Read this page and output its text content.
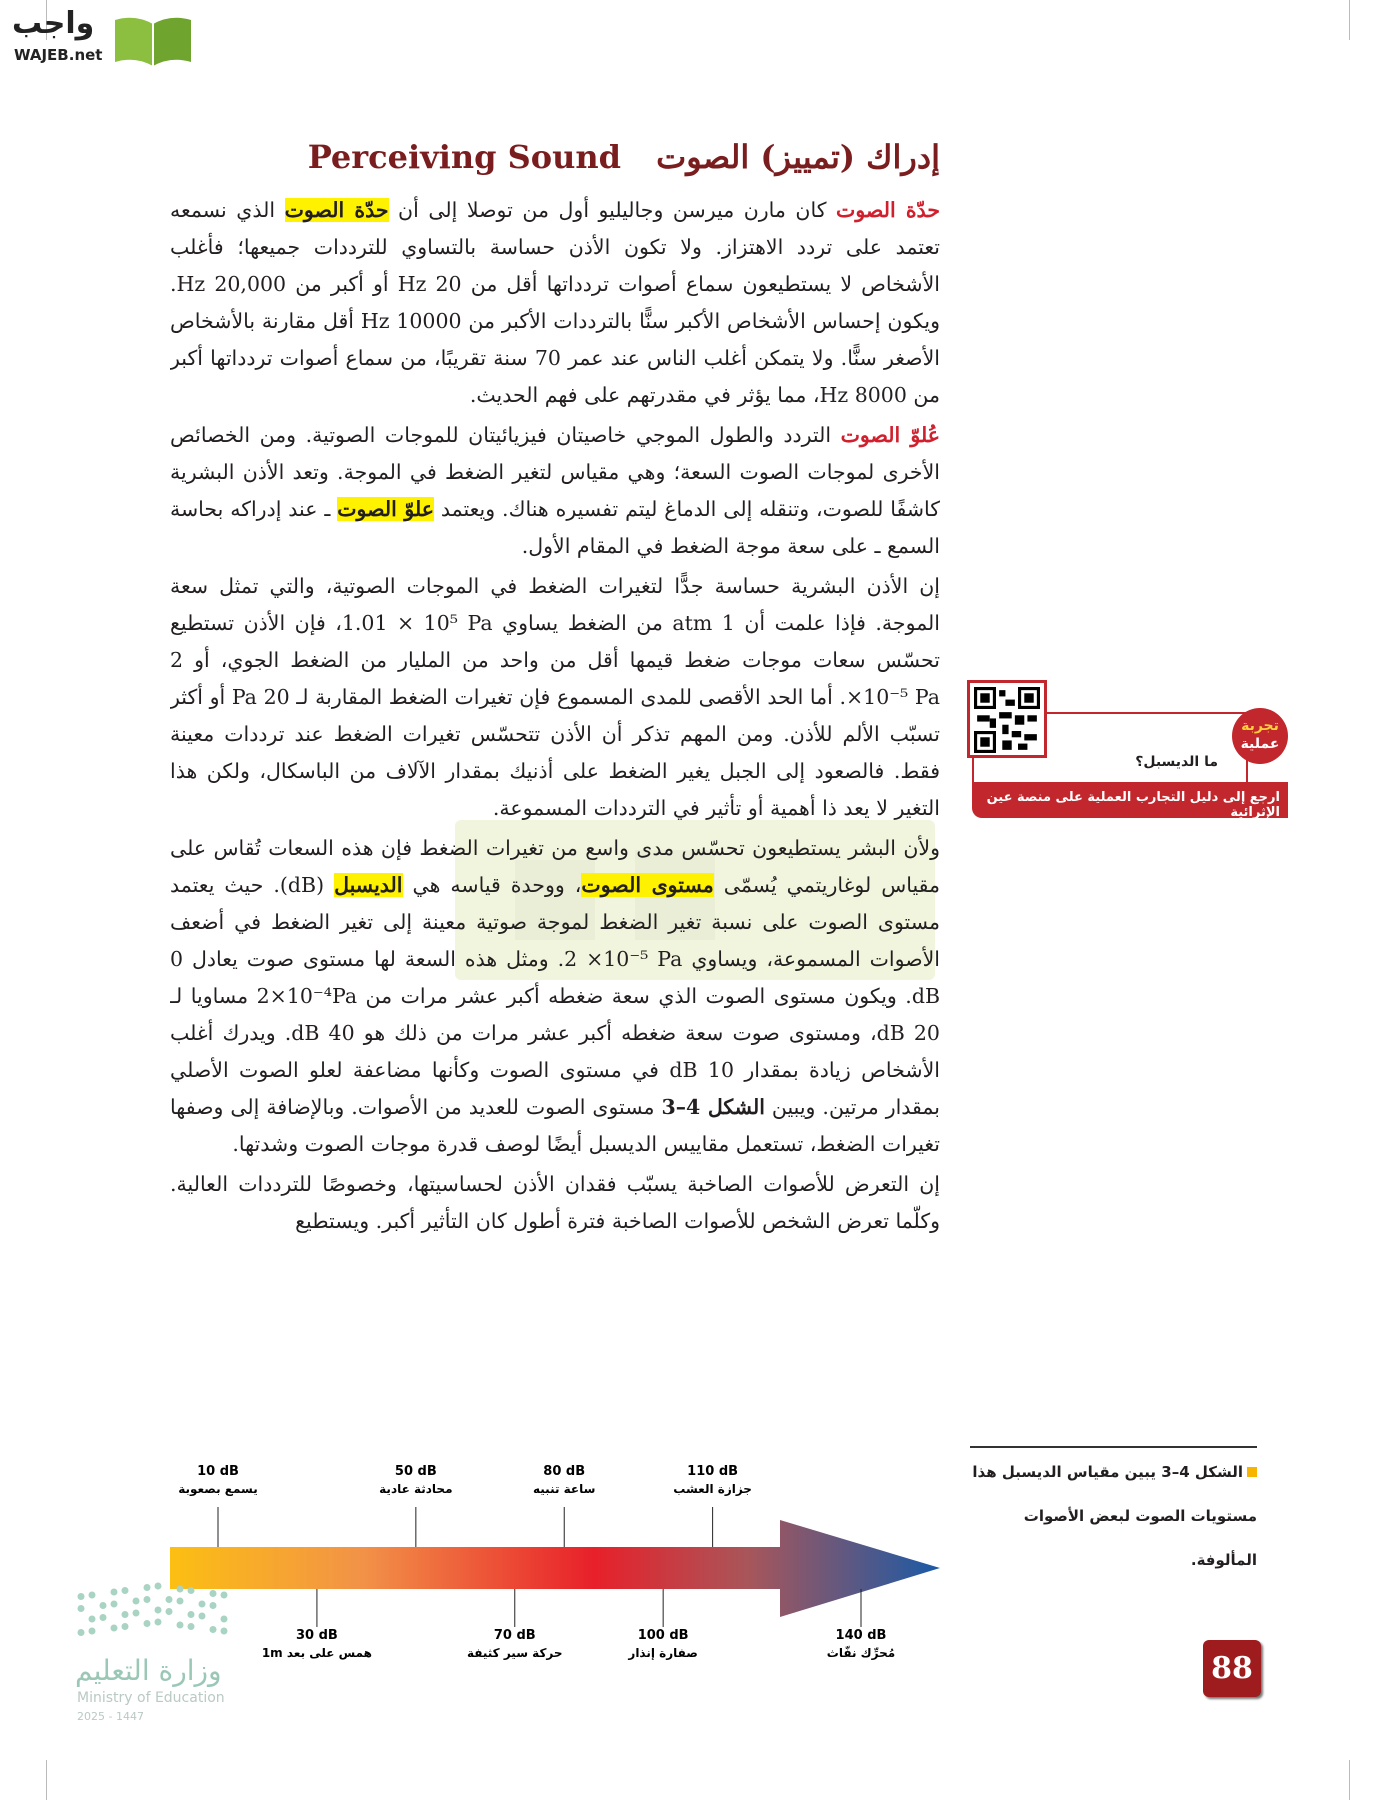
واجب
WAJEB.net
إدراك (تمييز) الصوت Perceiving Sound

حدّة الصوت كان مارن ميرسن وجاليليو أول من توصلا إلى أن حدّة الصوت الذي نسمعه تعتمد على تردد الاهتزاز. ولا تكون الأذن حساسة بالتساوي للترددات جميعها؛ فأغلب الأشخاص لا يستطيعون سماع أصوات تردداتها أقل من 20 Hz أو أكبر من 20,000 Hz. ويكون إحساس الأشخاص الأكبر سنًّا بالترددات الأكبر من 10000 Hz أقل مقارنة بالأشخاص الأصغر سنًّا. ولا يتمكن أغلب الناس عند عمر 70 سنة تقريبًا، من سماع أصوات تردداتها أكبر من 8000 Hz، مما يؤثر في مقدرتهم على فهم الحديث.

عُلوّ الصوت التردد والطول الموجي خاصيتان فيزيائيتان للموجات الصوتية. ومن الخصائص الأخرى لموجات الصوت السعة؛ وهي مقياس لتغير الضغط في الموجة. وتعد الأذن البشرية كاشفًا للصوت، وتنقله إلى الدماغ ليتم تفسيره هناك. ويعتمد علوّ الصوت ـ عند إدراكه بحاسة السمع ـ على سعة موجة الضغط في المقام الأول.

إن الأذن البشرية حساسة جدًّا لتغيرات الضغط في الموجات الصوتية، والتي تمثل سعة الموجة. فإذا علمت أن 1 atm من الضغط يساوي ‎1.01 × 10⁵ Pa‎، فإن الأذن تستطيع تحسّس سعات موجات ضغط قيمها أقل من واحد من المليار من الضغط الجوي، أو ‎2 ×10⁻⁵ Pa‎. أما الحد الأقصى للمدى المسموع فإن تغيرات الضغط المقاربة لـ 20 Pa أو أكثر تسبّب الألم للأذن. ومن المهم تذكر أن الأذن تتحسّس تغيرات الضغط عند ترددات معينة فقط. فالصعود إلى الجبل يغير الضغط على أذنيك بمقدار الآلاف من الباسكال، ولكن هذا التغير لا يعد ذا أهمية أو تأثير في الترددات المسموعة.

ولأن البشر يستطيعون تحسّس مدى واسع من تغيرات الضغط فإن هذه السعات تُقاس على مقياس لوغاريتمي يُسمّى مستوى الصوت، ووحدة قياسه هي الديسبل (dB). حيث يعتمد مستوى الصوت على نسبة تغير الضغط لموجة صوتية معينة إلى تغير الضغط في أضعف الأصوات المسموعة، ويساوي ‎2 ×10⁻⁵ Pa‎. ومثل هذه السعة لها مستوى صوت يعادل 0 dB. ويكون مستوى الصوت الذي سعة ضغطه أكبر عشر مرات من ‎2×10⁻⁴Pa‎ مساويا لـ 20 dB، ومستوى صوت سعة ضغطه أكبر عشر مرات من ذلك هو 40 dB. ويدرك أغلب الأشخاص زيادة بمقدار 10 dB في مستوى الصوت وكأنها مضاعفة لعلو الصوت الأصلي بمقدار مرتين. ويبين الشكل 4–3 مستوى الصوت للعديد من الأصوات. وبالإضافة إلى وصفها تغيرات الضغط، تستعمل مقاييس الديسبل أيضًا لوصف قدرة موجات الصوت وشدتها.

إن التعرض للأصوات الصاخبة يسبّب فقدان الأذن لحساسيتها، وخصوصًا للترددات العالية. وكلّما تعرض الشخص للأصوات الصاخبة فترة أطول كان التأثير أكبر. ويستطيع

تجربة
عملية
ما الديسبل؟
ارجع إلى دليل التجارب العملية على منصة عين الإثرائية
10 dB
يسمع بصعوبة
30 dB
همس على بعد 1m
50 dB
محادثة عادية
70 dB
حركة سير كثيفة
80 dB
ساعة تنبيه
100 dB
صفارة إنذار
110 dB
جزازة العشب
140 dB
مُحرِّك نفّاث
الشكل 4–3 يبين مقياس الديسبل هذا مستويات الصوت لبعض الأصوات المألوفة.
وزارة التعليم
Ministry of Education
2025 - 1447
88
